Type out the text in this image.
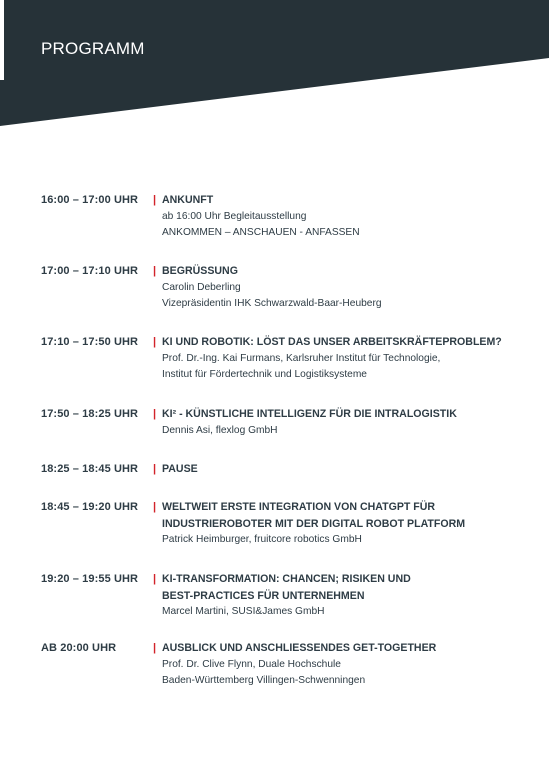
PROGRAMM
16:00 – 17:00 UHR	| ANKUNFT
ab 16:00 Uhr Begleitausstellung
ANKOMMEN – ANSCHAUEN - ANFASSEN
17:00 – 17:10 UHR	| BEGRÜSSUNG
Carolin Deberling
Vizepräsidentin IHK Schwarzwald-Baar-Heuberg
17:10 – 17:50 UHR	| KI UND ROBOTIK: LÖST DAS UNSER ARBEITSKRÄFTEPROBLEM?
Prof. Dr.-Ing. Kai Furmans, Karlsruher Institut für Technologie,
Institut für Fördertechnik und Logistiksysteme
17:50 – 18:25 UHR	| KI² - KÜNSTLICHE INTELLIGENZ FÜR DIE INTRALOGISTIK
Dennis Asi, flexlog GmbH
18:25 – 18:45 UHR	| PAUSE
18:45 – 19:20 UHR	| WELTWEIT ERSTE INTEGRATION VON CHATGPT FÜR
INDUSTRIEROBOTER MIT DER DIGITAL ROBOT PLATFORM
Patrick Heimburger, fruitcore robotics GmbH
19:20 – 19:55 UHR	| KI-TRANSFORMATION: CHANCEN; RISIKEN UND
BEST-PRACTICES FÜR UNTERNEHMEN
Marcel Martini, SUSI&James GmbH
AB 20:00 UHR	| AUSBLICK UND ANSCHLIESSENDES GET-TOGETHER
Prof. Dr. Clive Flynn, Duale Hochschule
Baden-Württemberg Villingen-Schwenningen
